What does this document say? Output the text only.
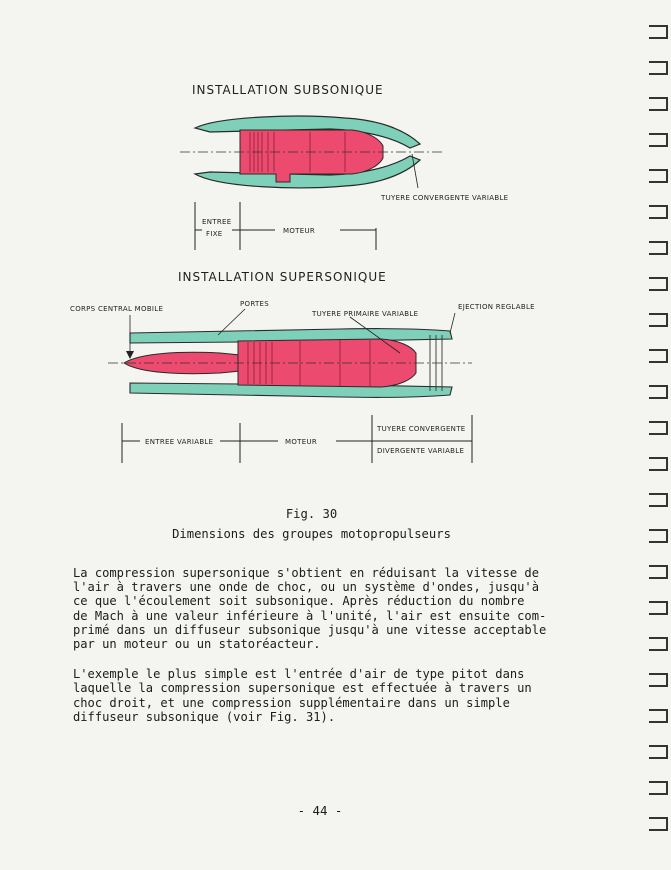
INSTALLATION SUBSONIQUE
TUYERE CONVERGENTE VARIABLE
ENTREE
FIXE	MOTEUR
INSTALLATION SUPERSONIQUE
CORPS CENTRAL MOBILE
PORTES
TUYERE PRIMAIRE VARIABLE
EJECTION REGLABLE
ENTREE VARIABLE	MOTEUR
TUYERE CONVERGENTE
DIVERGENTE VARIABLE
Fig. 30
Dimensions des groupes motopropulseurs

La compression supersonique s'obtient en réduisant la vitesse de
l'air à travers une onde de choc, ou un système d'ondes, jusqu'à
ce que l'écoulement soit subsonique. Après réduction du nombre
de Mach à une valeur inférieure à l'unité, l'air est ensuite com-
primé dans un diffuseur subsonique jusqu'à une vitesse acceptable
par un moteur ou un statoréacteur.

L'exemple le plus simple est l'entrée d'air de type pitot dans
laquelle la compression supersonique est effectuée à travers un
choc droit, et une compression supplémentaire dans un simple
diffuseur subsonique (voir Fig. 31).

- 44 -
